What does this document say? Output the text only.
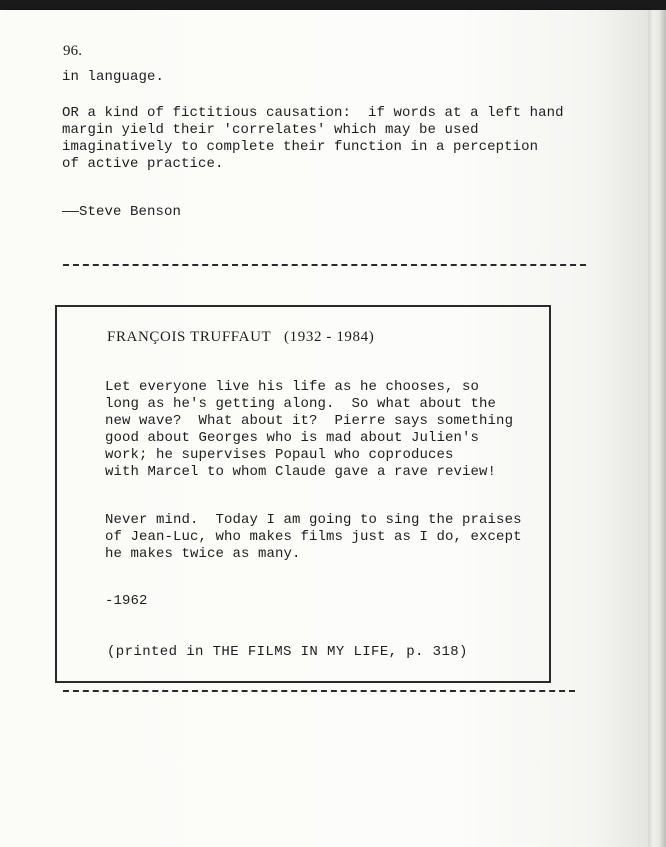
96.
in language.
OR a kind of fictitious causation:  if words at a left hand
margin yield their 'correlates' which may be used
imaginatively to complete their function in a perception
of active practice.
——Steve Benson
FRANÇOIS TRUFFAUT   (1932 - 1984)
Let everyone live his life as he chooses, so
long as he's getting along.  So what about the
new wave?  What about it?  Pierre says something
good about Georges who is mad about Julien's
work; he supervises Popaul who coproduces
with Marcel to whom Claude gave a rave review!
Never mind.  Today I am going to sing the praises
of Jean-Luc, who makes films just as I do, except
he makes twice as many.
-1962
(printed in THE FILMS IN MY LIFE, p. 318)
